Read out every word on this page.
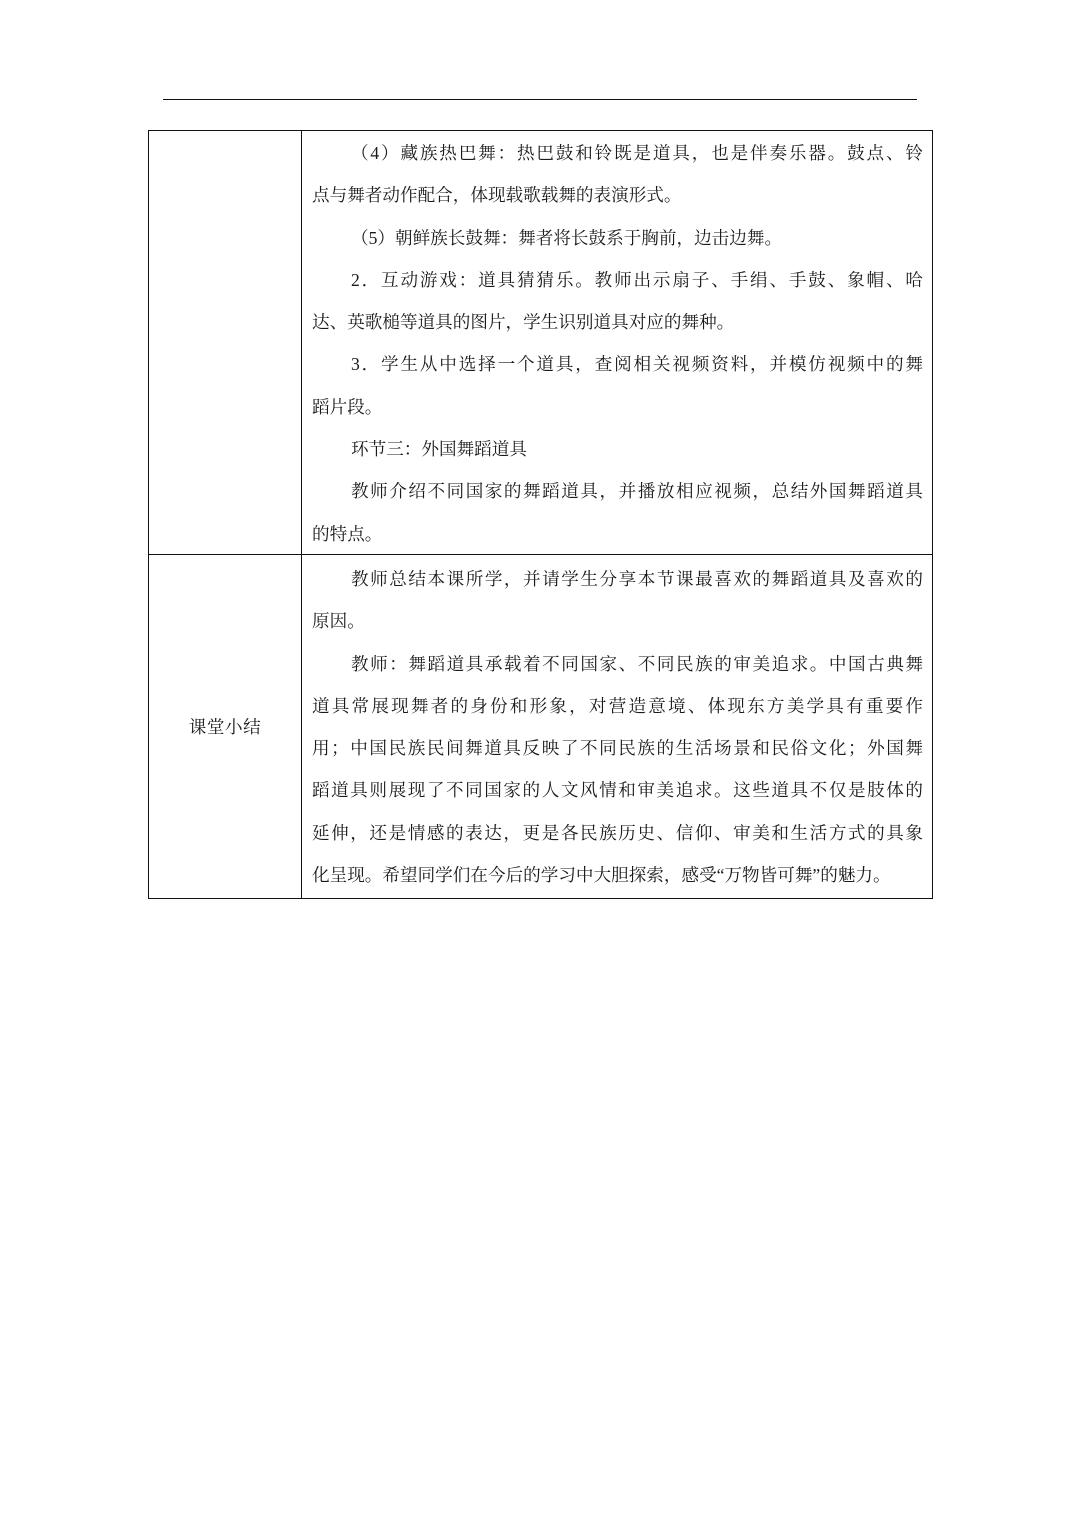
（4）藏族热巴舞：热巴鼓和铃既是道具，也是伴奏乐器。鼓点、铃
点与舞者动作配合，体现载歌载舞的表演形式。
（5）朝鲜族长鼓舞：舞者将长鼓系于胸前，边击边舞。
2．互动游戏：道具猜猜乐。教师出示扇子、手绢、手鼓、象帽、哈
达、英歌槌等道具的图片，学生识别道具对应的舞种。
3．学生从中选择一个道具，查阅相关视频资料，并模仿视频中的舞
蹈片段。
环节三：外国舞蹈道具
教师介绍不同国家的舞蹈道具，并播放相应视频，总结外国舞蹈道具
的特点。
课堂小结
教师总结本课所学，并请学生分享本节课最喜欢的舞蹈道具及喜欢的
原因。
教师：舞蹈道具承载着不同国家、不同民族的审美追求。中国古典舞
道具常展现舞者的身份和形象，对营造意境、体现东方美学具有重要作
用；中国民族民间舞道具反映了不同民族的生活场景和民俗文化；外国舞
蹈道具则展现了不同国家的人文风情和审美追求。这些道具不仅是肢体的
延伸，还是情感的表达，更是各民族历史、信仰、审美和生活方式的具象
化呈现。希望同学们在今后的学习中大胆探索，感受“万物皆可舞”的魅力。
